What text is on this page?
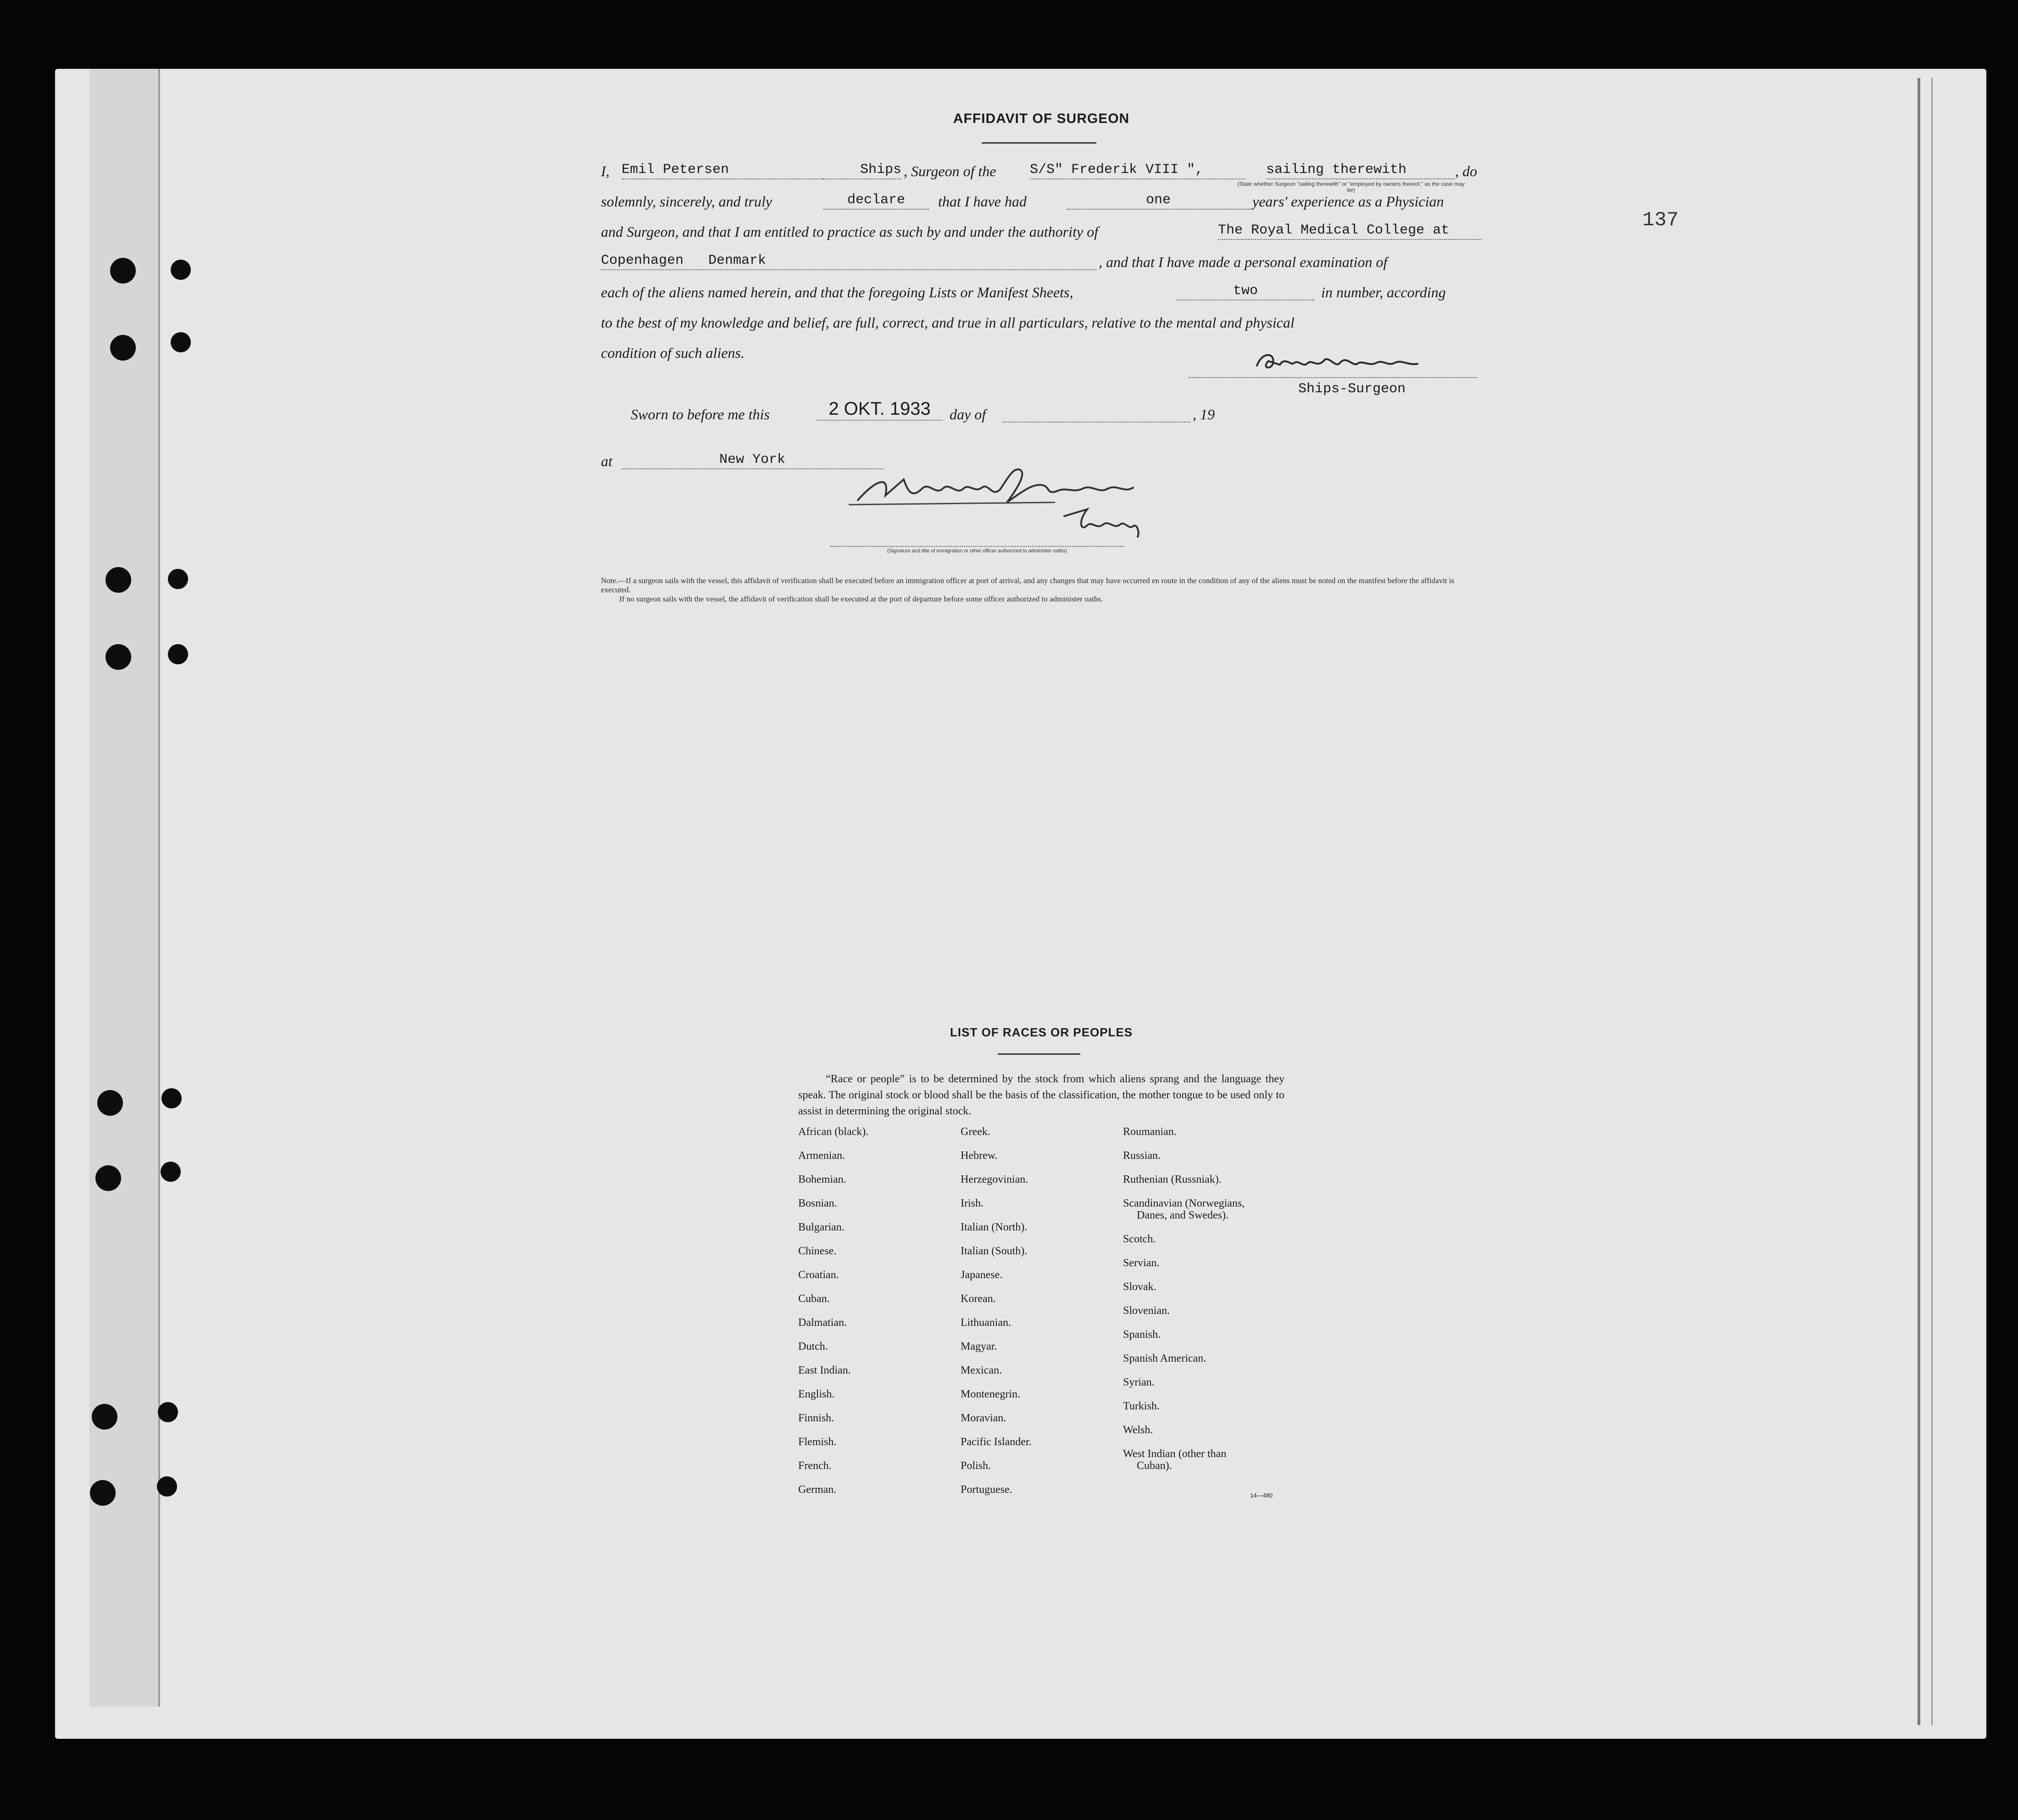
AFFIDAVIT OF SURGEON
137
I, Emil Petersen	Ships , Surgeon of the S/S" Frederik VIII ",	sailing therewith	, do
(State whether Surgeon "sailing therewith" or "employed by owners thereof," as the case may be)
solemnly, sincerely, and truly	declare	that I have had	one	years' experience as a Physician
and Surgeon, and that I am entitled to practice as such by and under the authority of	The Royal Medical College at
Copenhagen   Denmark	, and that I have made a personal examination of
each of the aliens named herein, and that the foregoing Lists or Manifest Sheets,	two	in number, according
to the best of my knowledge and belief, are full, correct, and true in all particulars, relative to the mental and physical
condition of such aliens.
Ships-Surgeon
Sworn to before me this	2 OKT. 1933	day of	, 19
at	New York
(Signature and title of immigration or other officer authorized to administer oaths)
Note.—If a surgeon sails with the vessel, this affidavit of verification shall be executed before an immigration officer at port of arrival, and any changes that may have occurred en route in the condition of any of the aliens must be noted on the manifest before the affidavit is executed.
If no surgeon sails with the vessel, the affidavit of verification shall be executed at the port of departure before some officer authorized to administer oaths.
LIST OF RACES OR PEOPLES
“Race or people” is to be determined by the stock from which aliens sprang and the language they speak. The original stock or blood shall be the basis of the classification, the mother tongue to be used only to assist in determining the original stock.
African (black).
Armenian.
Bohemian.
Bosnian.
Bulgarian.
Chinese.
Croatian.
Cuban.
Dalmatian.
Dutch.
East Indian.
English.
Finnish.
Flemish.
French.
German.
Greek.
Hebrew.
Herzegovinian.
Irish.
Italian (North).
Italian (South).
Japanese.
Korean.
Lithuanian.
Magyar.
Mexican.
Montenegrin.
Moravian.
Pacific Islander.
Polish.
Portuguese.
Roumanian.
Russian.
Ruthenian (Russniak).
Scandinavian (Norwegians,
Danes, and Swedes).
Scotch.
Servian.
Slovak.
Slovenian.
Spanish.
Spanish American.
Syrian.
Turkish.
Welsh.
West Indian (other than
Cuban).
14—480
